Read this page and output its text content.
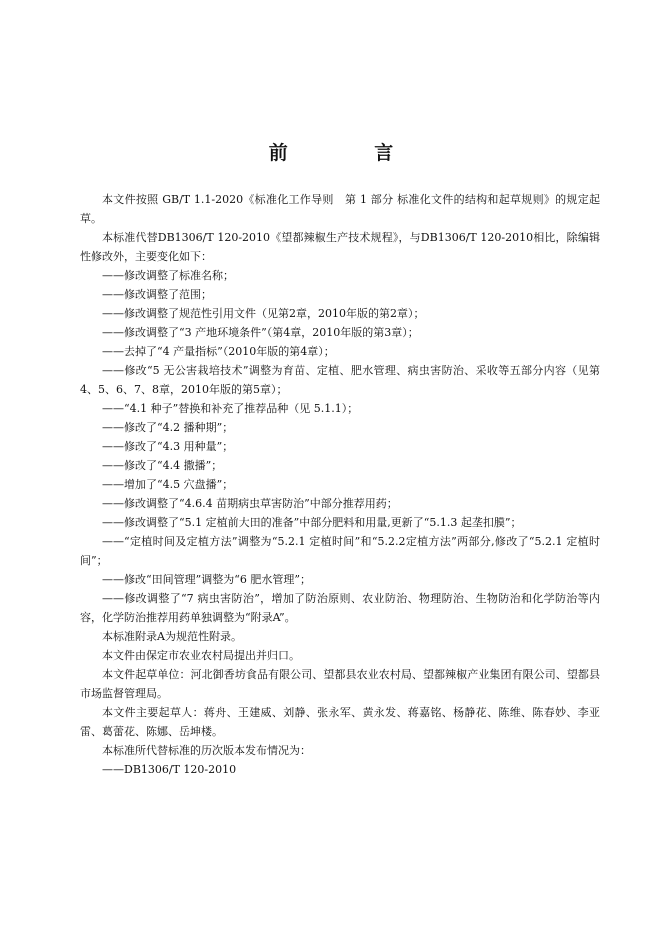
前 言

本文件按照 GB/T 1.1-2020《标准化工作导则　第 1 部分 标准化文件的结构和起草规则》的规定起草。

本标准代替DB1306/T 120-2010《望都辣椒生产技术规程》，与DB1306/T 120-2010相比，除编辑性修改外，主要变化如下：

——修改调整了标准名称；

——修改调整了范围；

——修改调整了规范性引用文件（见第2章，2010年版的第2章）；

——修改调整了“3 产地环境条件”（第4章，2010年版的第3章）；

——去掉了“4 产量指标”（2010年版的第4章）；

——修改“5 无公害栽培技术”调整为育苗、定植、肥水管理、病虫害防治、采收等五部分内容（见第4、5、6、7、8章，2010年版的第5章）；

——“4.1 种子”替换和补充了推荐品种（见 5.1.1）；

——修改了“4.2 播种期”；

——修改了“4.3 用种量”；

——修改了“4.4 撒播”；

——增加了“4.5 穴盘播”；

——修改调整了“4.6.4 苗期病虫草害防治”中部分推荐用药；

——修改调整了“5.1 定植前大田的准备”中部分肥料和用量,更新了“5.1.3 起垄扣膜”；

——“定植时间及定植方法”调整为“5.2.1 定植时间”和“5.2.2定植方法”两部分,修改了“5.2.1 定植时间”；

——修改“田间管理”调整为“6 肥水管理”；

——修改调整了“7 病虫害防治”，增加了防治原则、农业防治、物理防治、生物防治和化学防治等内容，化学防治推荐用药单独调整为“附录A”。

本标准附录A为规范性附录。

本文件由保定市农业农村局提出并归口。

本文件起草单位：河北御香坊食品有限公司、望都县农业农村局、望都辣椒产业集团有限公司、望都县市场监督管理局。

本文件主要起草人：蒋舟、王建威、刘静、张永军、黄永发、蒋嘉铭、杨静花、陈维、陈春妙、李亚雷、葛蕾花、陈娜、岳坤楼。

本标准所代替标准的历次版本发布情况为：

——DB1306/T 120-2010
